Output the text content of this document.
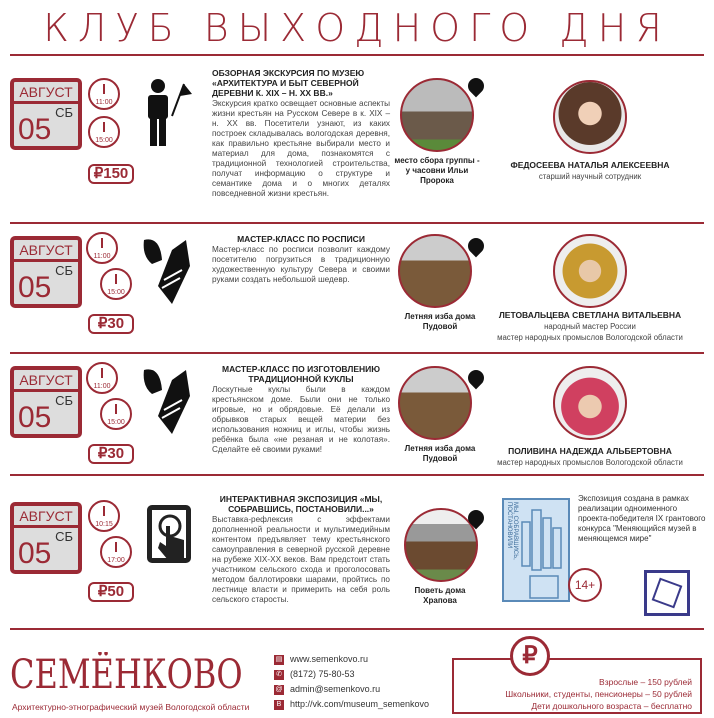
КЛУБ ВЫХОДНОГО ДНЯ
АВГУСТ
СБ
05
11:00
15:00
₽150
ОБЗОРНАЯ ЭКСКУРСИЯ ПО МУЗЕЮ «АРХИТЕКТУРА И БЫТ СЕВЕРНОЙ ДЕРЕВНИ К. XIX – Н. XX ВВ.»

Экскурсия кратко освещает основные аспекты жизни крестьян на Русском Севере в к. XIX – н. XX вв. Посетители узнают, из каких построек складывалась вологодская деревня, как правильно крестьяне выбирали место и материал для дома, познакомятся с традиционной технологией строительства, получат информацию о структуре и семантике дома и о многих деталях повседневной жизни крестьян.

место сбора группы - у часовни Ильи Пророка
ФЕДОСЕЕВА НАТАЛЬЯ АЛЕКСЕЕВНА
старший научный сотрудник
АВГУСТ
СБ
05
11:00
15:00
₽30
МАСТЕР-КЛАСС ПО РОСПИСИ

Мастер-класс по росписи позволит каждому посетителю погрузиться в традиционную художественную культуру Севера и своими руками создать небольшой шедевр.

Летняя изба дома Пудовой
ЛЕТОВАЛЬЦЕВА СВЕТЛАНА ВИТАЛЬЕВНА
народный мастер России
мастер народных промыслов Вологодской области
АВГУСТ
СБ
05
11:00
15:00
₽30
МАСТЕР-КЛАСС ПО ИЗГОТОВЛЕНИЮ ТРАДИЦИОННОЙ КУКЛЫ

Лоскутные куклы были в каждом крестьянском доме. Были они не только игровые, но и обрядовые. Её делали из обрывков старых вещей материи без использования ножниц и иглы, чтобы жизнь ребёнка была «не резаная и не колотая». Сделайте её своими руками!	Летняя изба дома Пудовой
ПОЛИВИНА НАДЕЖДА АЛЬБЕРТОВНА
мастер народных промыслов Вологодской области
АВГУСТ
СБ
05
10:15
17:00
₽50
ИНТЕРАКТИВНАЯ ЭКСПОЗИЦИЯ «МЫ, СОБРАВШИСЬ, ПОСТАНОВИЛИ...»

Выставка-рефлексия с эффектами дополненной реальности и мультимедийным контентом предъявляет тему крестьянского самоуправления в северной русской деревне на рубеже XIX-XX веков. Вам предстоит стать участником сельского схода и проголосовать методом баллотировки шарами, пройтись по лестнице власти и примерить на себя роль сельского старосты.

Поветь дома Храпова
МЫ, СОБРАВШИСЬ, ПОСТАНОВИЛИ
14+
Экспозиция создана в рамках реализации одноименного проекта-победителя IX грантового конкурса "Меняющийся музей в меняющемся мире"
СЕМЁНКОВО
Архитектурно-этнографический музей Вологодской области
▤ www.semenkovo.ru
✆ (8172) 75-80-53
@ admin@semenkovo.ru
В http://vk.com/museum_semenkovo
Взрослые – 150 рублей
Школьники, студенты, пенсионеры – 50 рублей
Дети дошкольного возраста – бесплатно
₽
